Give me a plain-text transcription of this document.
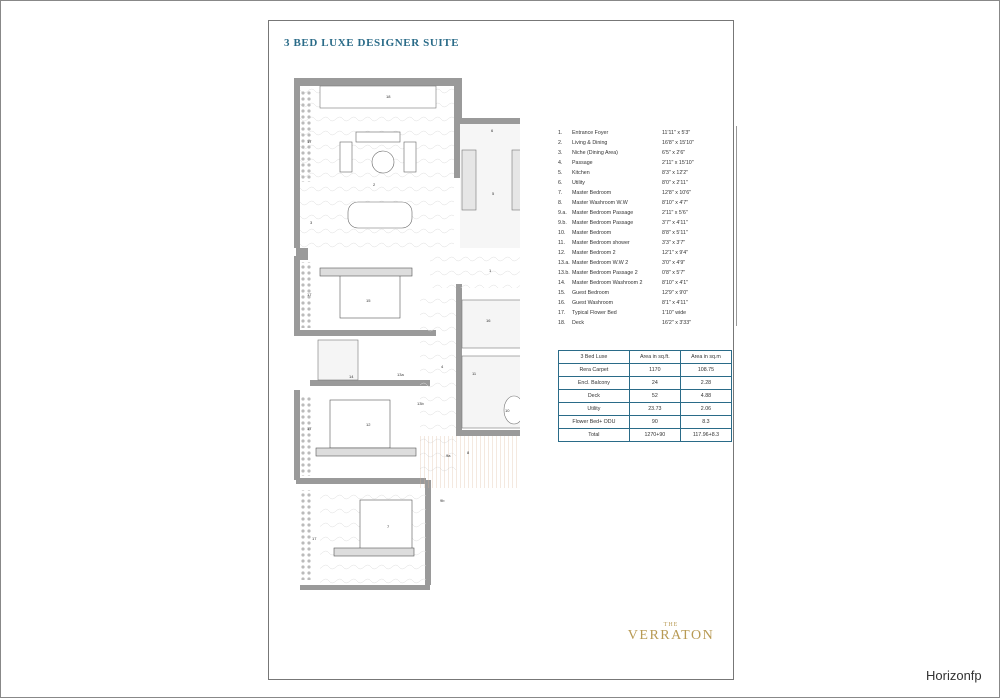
3 BED LUXE DESIGNER SUITE
18
17
2
3
6
5
1
17
15
16
14	13a
4
11
10
17
12
13b
9a
9b
8
7
17
1. Entrance Foyer	11'11" x 5'3"
2. Living & Dining	16'8" x 15'10"
3. Niche (Dining Area)	6'5" x 2'6"
4. Passage	2'11" x 15'10"
5. Kitchen	8'3" x 12'2"
6. Utility	8'0" x 2'11"
7. Master Bedroom	12'8" x 10'6"
8. Master Washroom W.W	8'10" x 4'7"
9.a. Master Bedroom Passage	2'11" x 5'6"
9.b. Master Bedroom Passage	3'7" x 4'11"
10. Master Bedroom	8'8" x 5'11"
11. Master Bedroom shower	3'3" x 3'7"
12. Master Bedroom 2	12'1" x 9'4"
13.a. Master Bedroom W.W 2	3'0" x 4'9"
13.b. Master Bedroom Passage 2	0'8" x 5'7"
14. Master Bedroom Washroom 2	8'10" x 4'1"
15. Guest Bedroom	12'9" x 9'0"
16. Guest Washroom	8'1" x 4'11"
17. Typical Flower Bed	1'10" wide
18. Deck	16'2" x 3'33"
3 Bed Luxe	Area in sq.ft.	Area in sq.m
Rera Carpet	1170	108.75
Encl. Balcony	24	2.28
Deck	52	4.88
Utility	23.73	2.06
Flower Bed+ ODU	90	8.3
Total	1270+90	117.96+8.3
THE
VERRATON
Horizonfp
